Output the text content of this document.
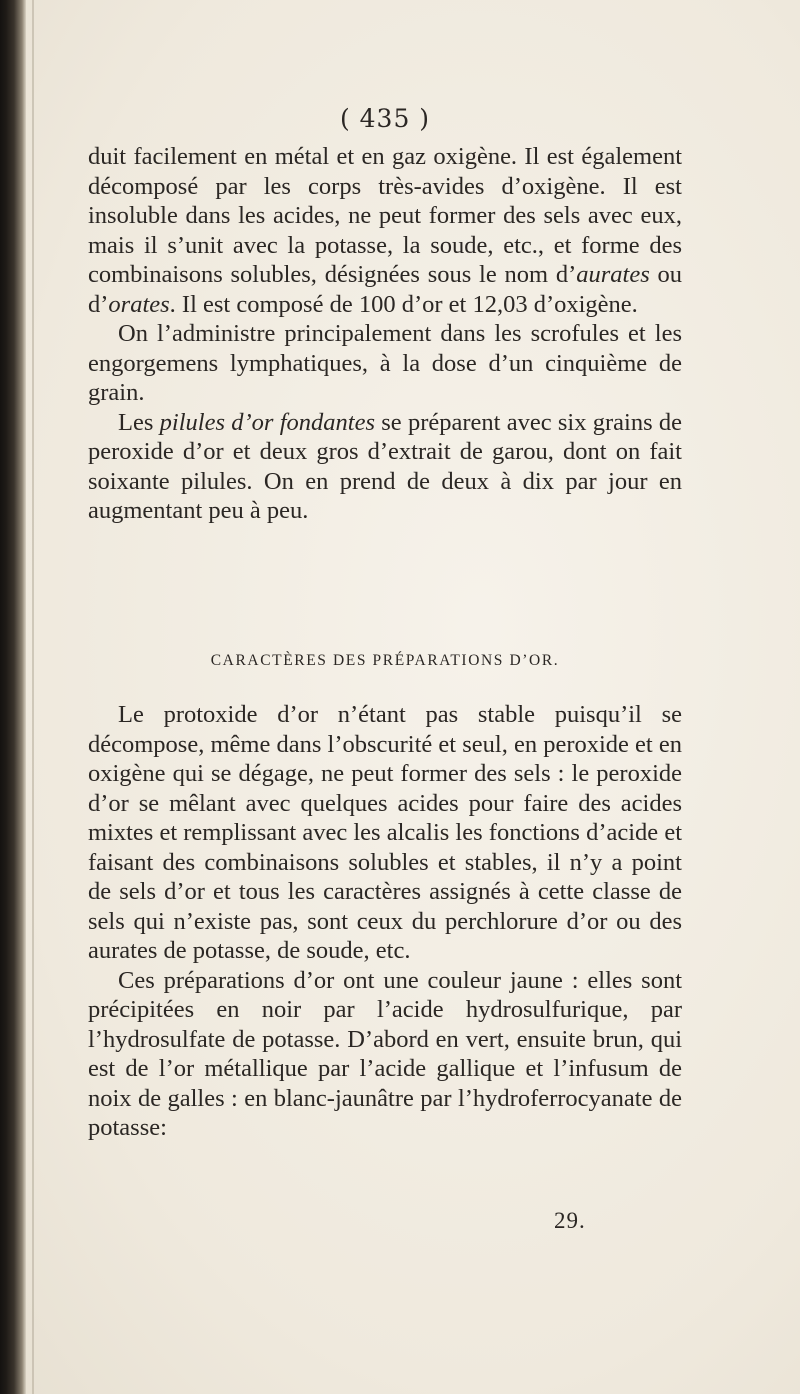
( 435 )

duit facilement en métal et en gaz oxigène. Il est également décomposé par les corps très-avides d’oxigène. Il est insoluble dans les acides, ne peut former des sels avec eux, mais il s’unit avec la potasse, la soude, etc., et forme des combinaisons solubles, désignées sous le nom d’aurates ou d’orates. Il est composé de 100 d’or et 12,03 d’oxigène.

On l’administre principalement dans les scrofules et les engorgemens lymphatiques, à la dose d’un cinquième de grain.

Les pilules d’or fondantes se préparent avec six grains de peroxide d’or et deux gros d’extrait de garou, dont on fait soixante pilules. On en prend de deux à dix par jour en augmentant peu à peu.

CARACTÈRES DES PRÉPARATIONS D’OR.

Le protoxide d’or n’étant pas stable puisqu’il se décompose, même dans l’obscurité et seul, en peroxide et en oxigène qui se dégage, ne peut former des sels : le peroxide d’or se mêlant avec quelques acides pour faire des acides mixtes et remplissant avec les alcalis les fonctions d’acide et faisant des combinaisons solubles et stables, il n’y a point de sels d’or et tous les caractères assignés à cette classe de sels qui n’existe pas, sont ceux du perchlorure d’or ou des aurates de potasse, de soude, etc.

Ces préparations d’or ont une couleur jaune : elles sont précipitées en noir par l’acide hydrosulfurique, par l’hydrosulfate de potasse. D’abord en vert, ensuite brun, qui est de l’or métallique par l’acide gallique et l’infusum de noix de galles : en blanc-jaunâtre par l’hydroferrocyanate de potasse:

29.
